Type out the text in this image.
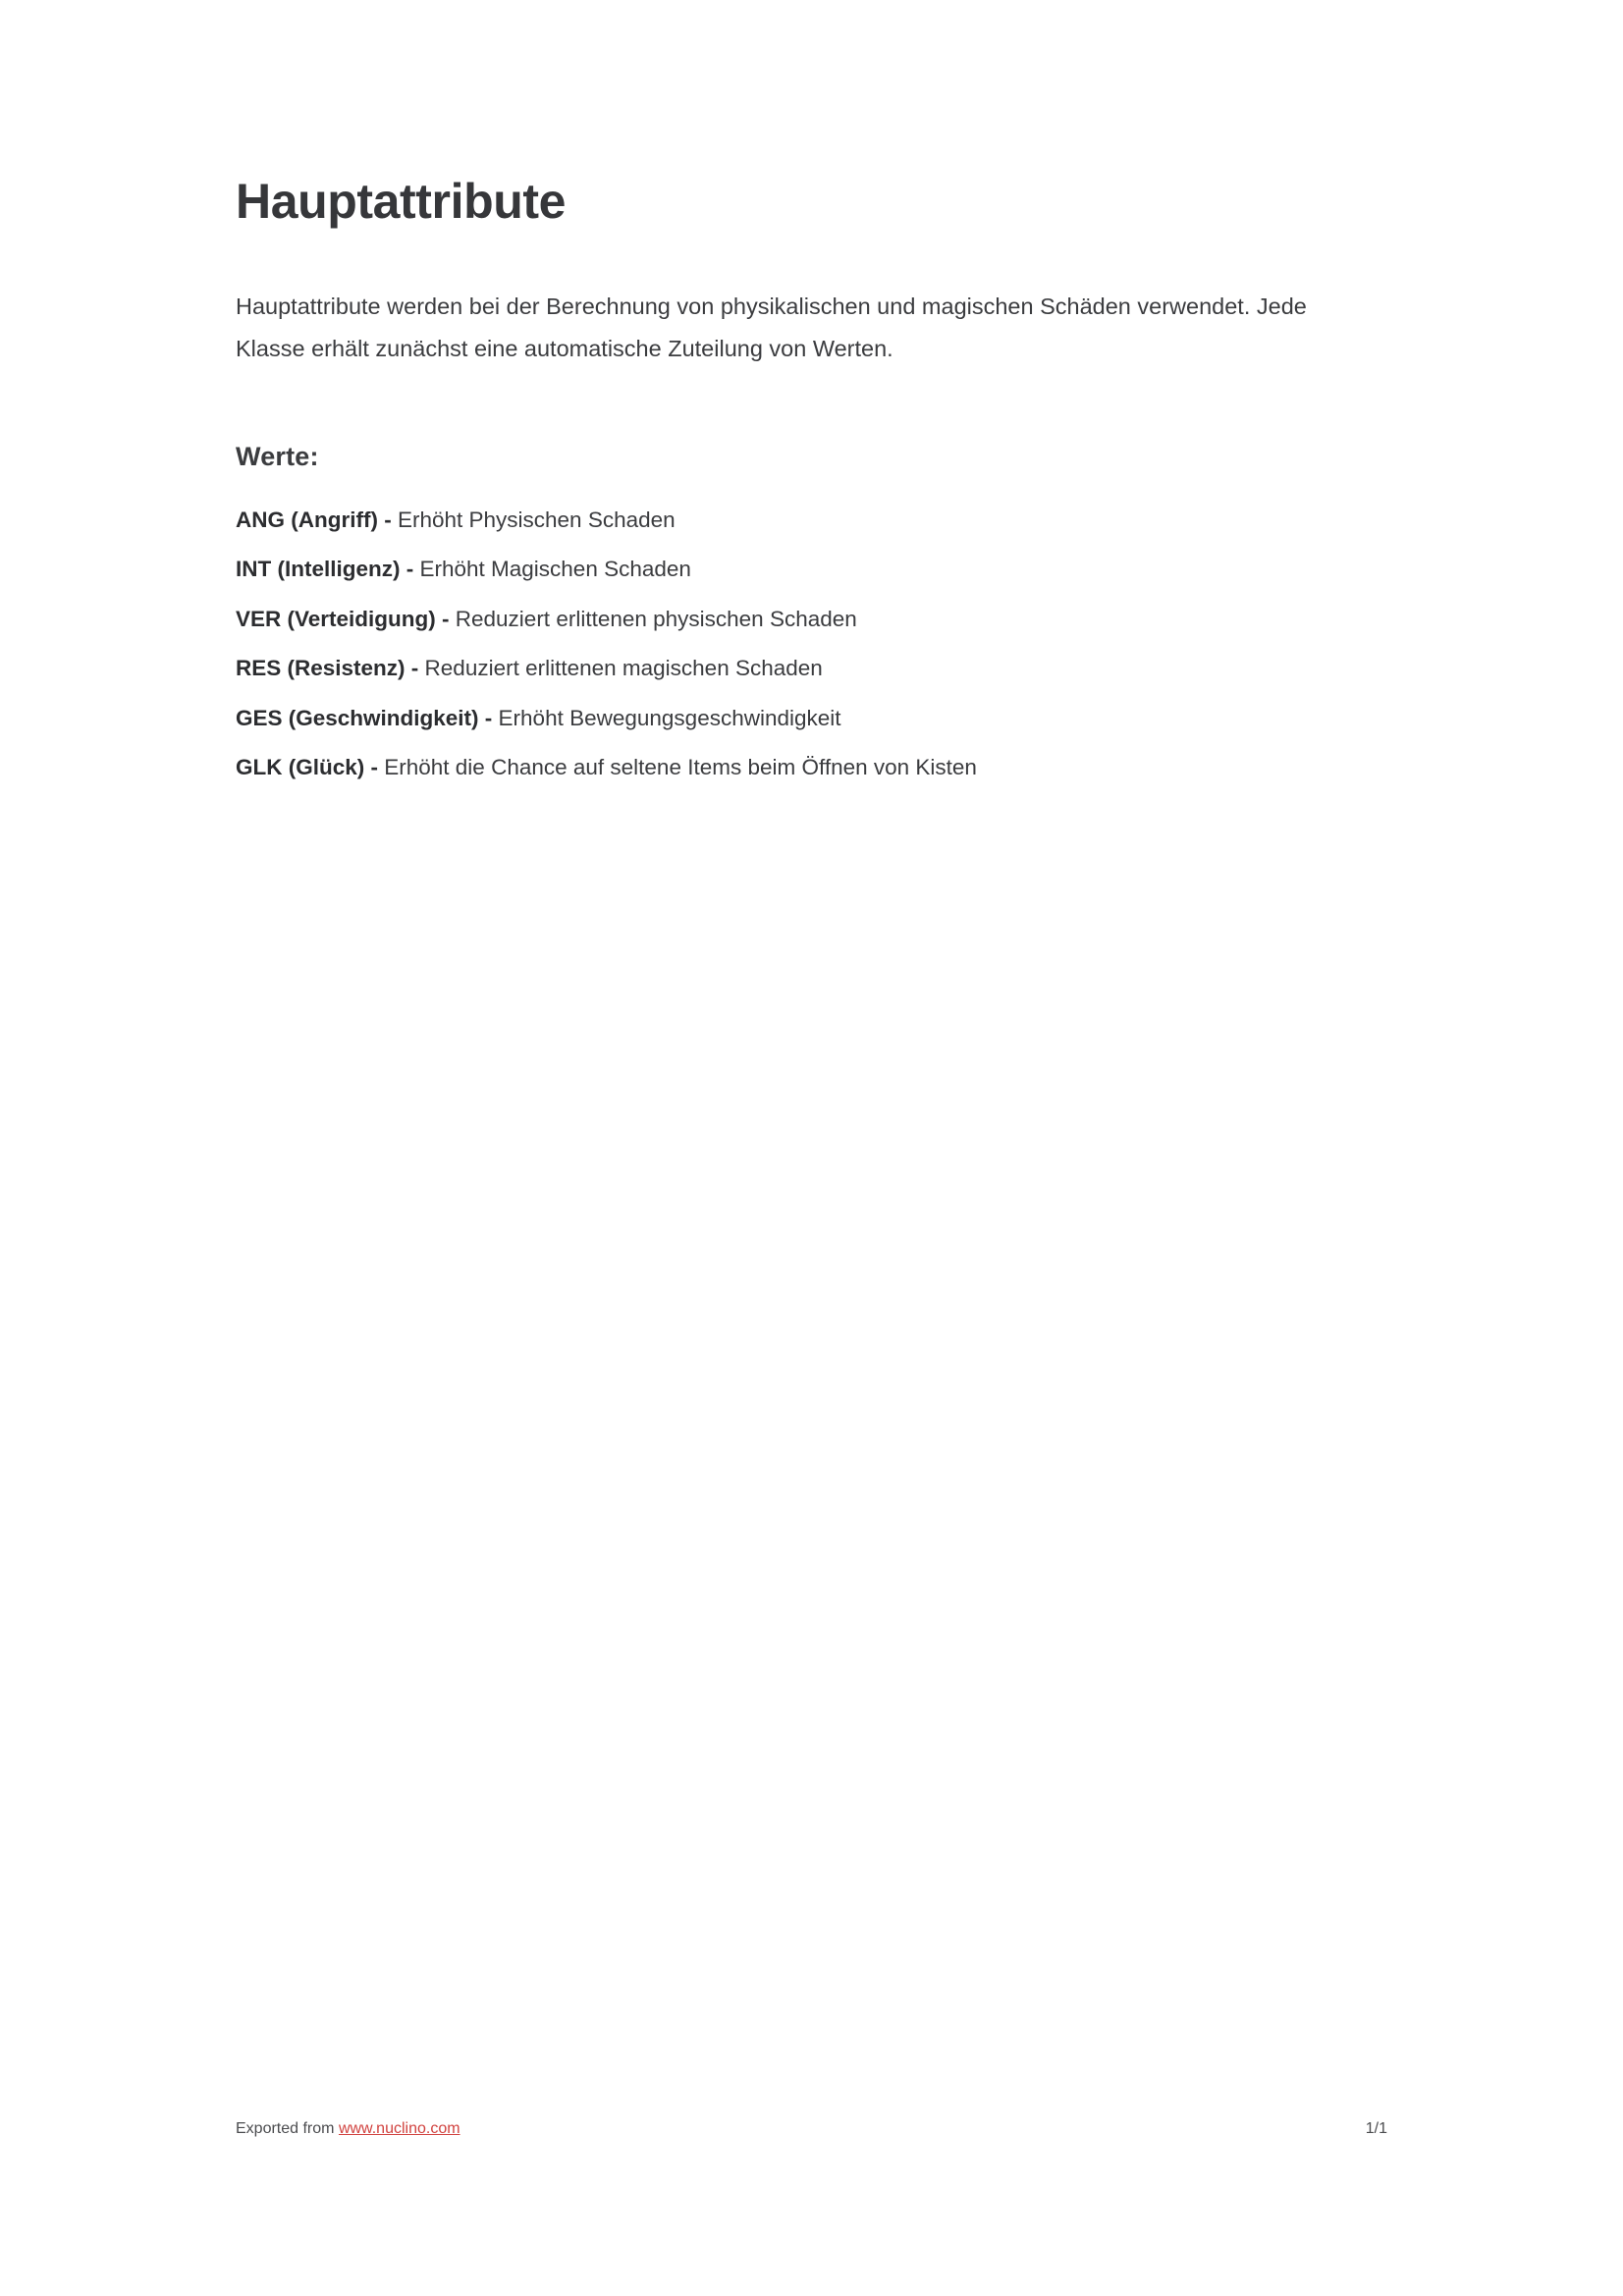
Hauptattribute

Hauptattribute werden bei der Berechnung von physikalischen und magischen Schäden verwendet. Jede Klasse erhält zunächst eine automatische Zuteilung von Werten.

Werte:
ANG (Angriff) - Erhöht Physischen Schaden
INT (Intelligenz) - Erhöht Magischen Schaden
VER (Verteidigung) - Reduziert erlittenen physischen Schaden
RES (Resistenz) - Reduziert erlittenen magischen Schaden
GES (Geschwindigkeit) - Erhöht Bewegungsgeschwindigkeit
GLK (Glück) - Erhöht die Chance auf seltene Items beim Öffnen von Kisten
Exported from www.nuclino.com	1/1
